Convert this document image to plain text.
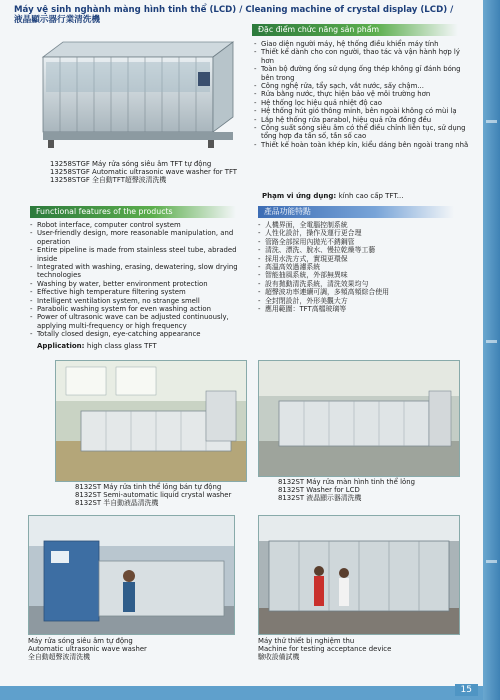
Máy vệ sinh nghành màng hình tinh thể (LCD) / Cleaning machine of crystal display (LCD) /
液晶顯示器行業清洗機
13258STGF Máy rửa sóng siêu âm TFT tự động
13258STGF Automatic ultrasonic wave washer for TFT
13258STGF 全自動TFT超聲波清洗機
Đặc điểm chức năng sản phẩm
- Giao diện người máy, hệ thống điều khiển máy tính
- Thiết kế dành cho con người, thao tác và vận hành hợp lý hơn
- Toàn bộ đường ống sử dụng ống thép không gỉ đánh bóng bên trong
- Công nghệ rửa, tẩy sạch, vắt nước, sấy chậm...
- Rửa bằng nước, thực hiện bảo vệ môi trường hơn
- Hệ thống lọc hiệu quả nhiệt độ cao
- Hệ thống hút gió thông minh, bên ngoài không có mùi lạ
- Lắp hệ thống rửa parabol, hiệu quả rửa đồng đều
- Công suất sóng siêu âm có thể điều chỉnh liên tục, sử dụng tổng hợp đa tần số, tần số cao
- Thiết kế hoàn toàn khép kín, kiểu dáng bên ngoài trang nhã
Phạm vi ứng dụng: kính cao cấp TFT...
Functional features of the products
- Robot interface, computer control system
- User-friendly design, more reasonable manipulation, and operation
- Entire pipeline is made from stainless steel tube, abraded inside
- Integrated with washing, erasing, dewatering, slow drying technologies
- Washing by water, better environment protection
- Effective high temperature filtering system
- Intelligent ventilation system, no strange smell
- Parabolic washing system for even washing action
- Power of ultrasonic wave can be adjusted continuously, applying multi-frequency or high frequency
- Totally closed design, eye-catching appearance
Application: high class glass TFT
產品功能特點
- 人機界面，全電腦控制系統
- 人性化設計，操作及運行更合理
- 管路全部採用內拋光不銹鋼管
- 清洗、漂洗、脫水、慢拉乾燥等工藝
- 採用水洗方式，實現更環保
- 高溫高效過濾系統
- 智能抽風系統，外部無異味
- 設有拋動清洗系統，清洗效果均勻
- 超聲波功率連續可調，多頻高頻綜合使用
- 全封閉設計，外形美觀大方
- 應用範圍：TFT高檔玻璃等
8132ST Máy rửa tinh thể lỏng bán tự động
8132ST Semi-automatic liquid crystal washer
8132ST 半自動液晶清洗機
8132ST Máy rửa màn hình tinh thể lỏng
8132ST Washer for LCD
8132ST 液晶顯示器清洗機
Máy rửa sóng siêu âm tự động
Automatic ultrasonic wave washer
全自動超聲波清洗機
Máy thử thiết bị nghiệm thu
Machine for testing acceptance device
驗收設備試機
15
